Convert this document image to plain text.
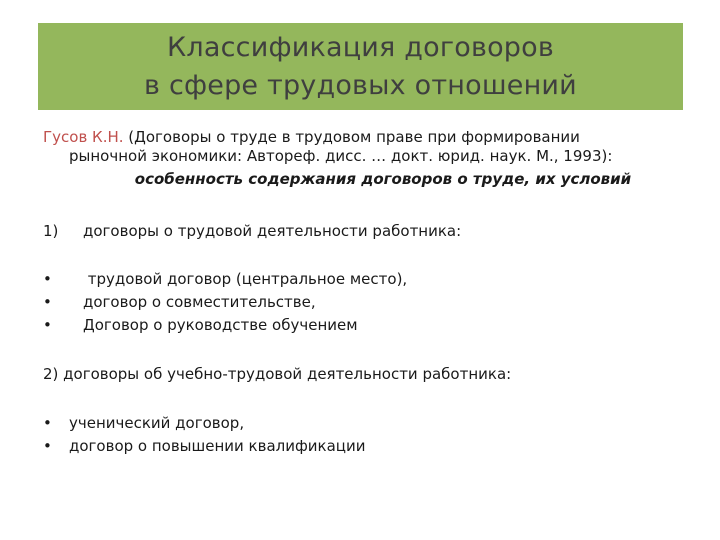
Классификация договоров
в сфере трудовых отношений
Гусов К.Н. (Договоры о труде в трудовом праве при формировании
рыночной экономики: Автореф. дисс. … докт. юрид. наук. М., 1993):
особенность содержания договоров о труде, их условий
1) договоры о трудовой деятельности работника:
• трудовой договор (центральное место),
• договор о совместительстве,
• Договор о руководстве обучением
2) договоры об учебно-трудовой деятельности работника:
• ученический договор,
• договор о повышении квалификации
